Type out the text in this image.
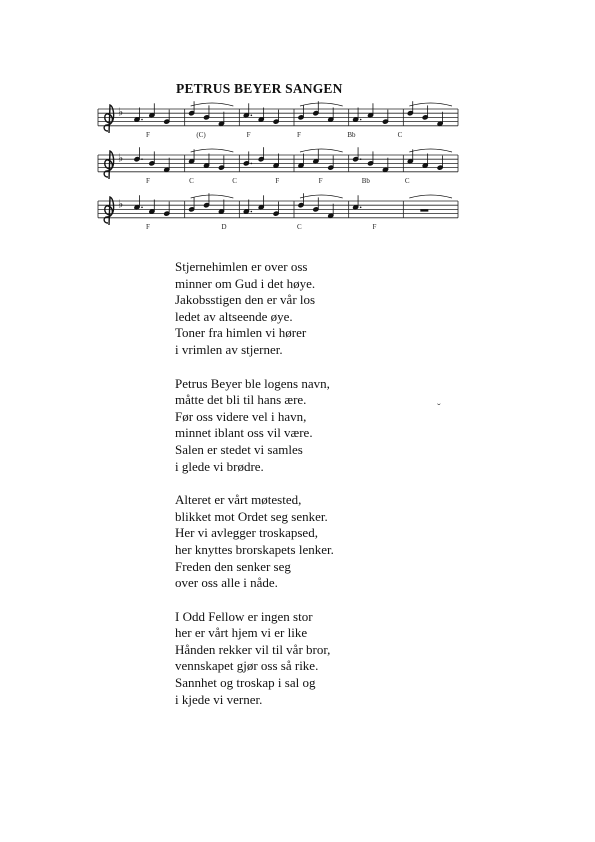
PETRUS BEYER SANGEN
♭
♭
♭
F	(C)	F	F	Bb	C
F	C	C	F	F	Bb	C
F	D	C	F
Stjernehimlen er over oss
minner om Gud i det høye.
Jakobsstigen den er vår los
ledet av altseende øye.
Toner fra himlen vi hører
i vrimlen av stjerner.
Petrus Beyer ble logens navn,
måtte det bli til hans ære.
Før oss videre vel i havn,
minnet iblant oss vil være.
Salen er stedet vi samles
i glede vi brødre.
Alteret er vårt møtested,
blikket mot Ordet seg senker.
Her vi avlegger troskapsed,
her knyttes brorskapets lenker.
Freden den senker seg
over oss alle i nåde.
I Odd Fellow er ingen stor
her er vårt hjem vi er like
Hånden rekker vil til vår bror,
vennskapet gjør oss så rike.
Sannhet og troskap i sal og
i kjede vi verner.
ˇ
